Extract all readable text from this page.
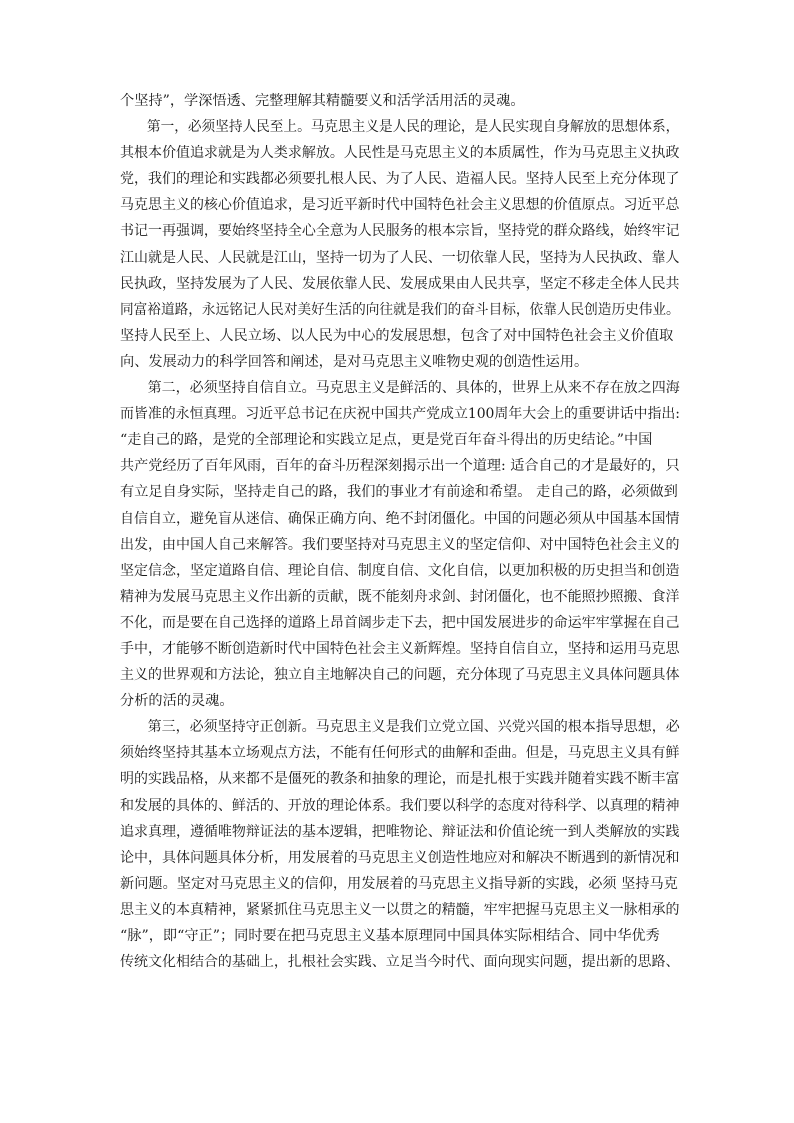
个坚持”，学深悟透、完整理解其精髓要义和活学活用活的灵魂。
第一，必须坚持人民至上。马克思主义是人民的理论，是人民实现自身解放的思想体系，
其根本价值追求就是为人类求解放。人民性是马克思主义的本质属性，作为马克思主义执政
党，我们的理论和实践都必须要扎根人民、为了人民、造福人民。坚持人民至上充分体现了
马克思主义的核心价值追求，是习近平新时代中国特色社会主义思想的价值原点。习近平总
书记一再强调，要始终坚持全心全意为人民服务的根本宗旨，坚持党的群众路线，始终牢记
江山就是人民、人民就是江山，坚持一切为了人民、一切依靠人民，坚持为人民执政、靠人
民执政，坚持发展为了人民、发展依靠人民、发展成果由人民共享，坚定不移走全体人民共
同富裕道路，永远铭记人民对美好生活的向往就是我们的奋斗目标，依靠人民创造历史伟业。
坚持人民至上、人民立场、以人民为中心的发展思想，包含了对中国特色社会主义价值取
向、发展动力的科学回答和阐述，是对马克思主义唯物史观的创造性运用。
第二，必须坚持自信自立。马克思主义是鲜活的、具体的，世界上从来不存在放之四海
而皆准的永恒真理。习近平总书记在庆祝中国共产党成立100周年大会上的重要讲话中指出:
“走自己的路，是党的全部理论和实践立足点，更是党百年奋斗得出的历史结论。”中国
共产党经历了百年风雨，百年的奋斗历程深刻揭示出一个道理: 适合自己的才是最好的，只
有立足自身实际，坚持走自己的路，我们的事业才有前途和希望。 走自己的路，必须做到
自信自立，避免盲从迷信、确保正确方向、绝不封闭僵化。中国的问题必须从中国基本国情
出发，由中国人自己来解答。我们要坚持对马克思主义的坚定信仰、对中国特色社会主义的
坚定信念，坚定道路自信、理论自信、制度自信、文化自信，以更加积极的历史担当和创造
精神为发展马克思主义作出新的贡献，既不能刻舟求剑、封闭僵化，也不能照抄照搬、食洋
不化，而是要在自己选择的道路上昂首阔步走下去，把中国发展进步的命运牢牢掌握在自己
手中，才能够不断创造新时代中国特色社会主义新辉煌。坚持自信自立，坚持和运用马克思
主义的世界观和方法论，独立自主地解决自己的问题，充分体现了马克思主义具体问题具体
分析的活的灵魂。
第三，必须坚持守正创新。马克思主义是我们立党立国、兴党兴国的根本指导思想，必
须始终坚持其基本立场观点方法，不能有任何形式的曲解和歪曲。但是，马克思主义具有鲜
明的实践品格，从来都不是僵死的教条和抽象的理论，而是扎根于实践并随着实践不断丰富
和发展的具体的、鲜活的、开放的理论体系。我们要以科学的态度对待科学、以真理的精神
追求真理，遵循唯物辩证法的基本逻辑，把唯物论、辩证法和价值论统一到人类解放的实践
论中，具体问题具体分析，用发展着的马克思主义创造性地应对和解决不断遇到的新情况和
新问题。坚定对马克思主义的信仰，用发展着的马克思主义指导新的实践，必须 坚持马克
思主义的本真精神，紧紧抓住马克思主义一以贯之的精髓，牢牢把握马克思主义一脉相承的
“脉”，即“守正”；同时要在把马克思主义基本原理同中国具体实际相结合、同中华优秀
传统文化相结合的基础上，扎根社会实践、立足当今时代、面向现实问题，提出新的思路、
